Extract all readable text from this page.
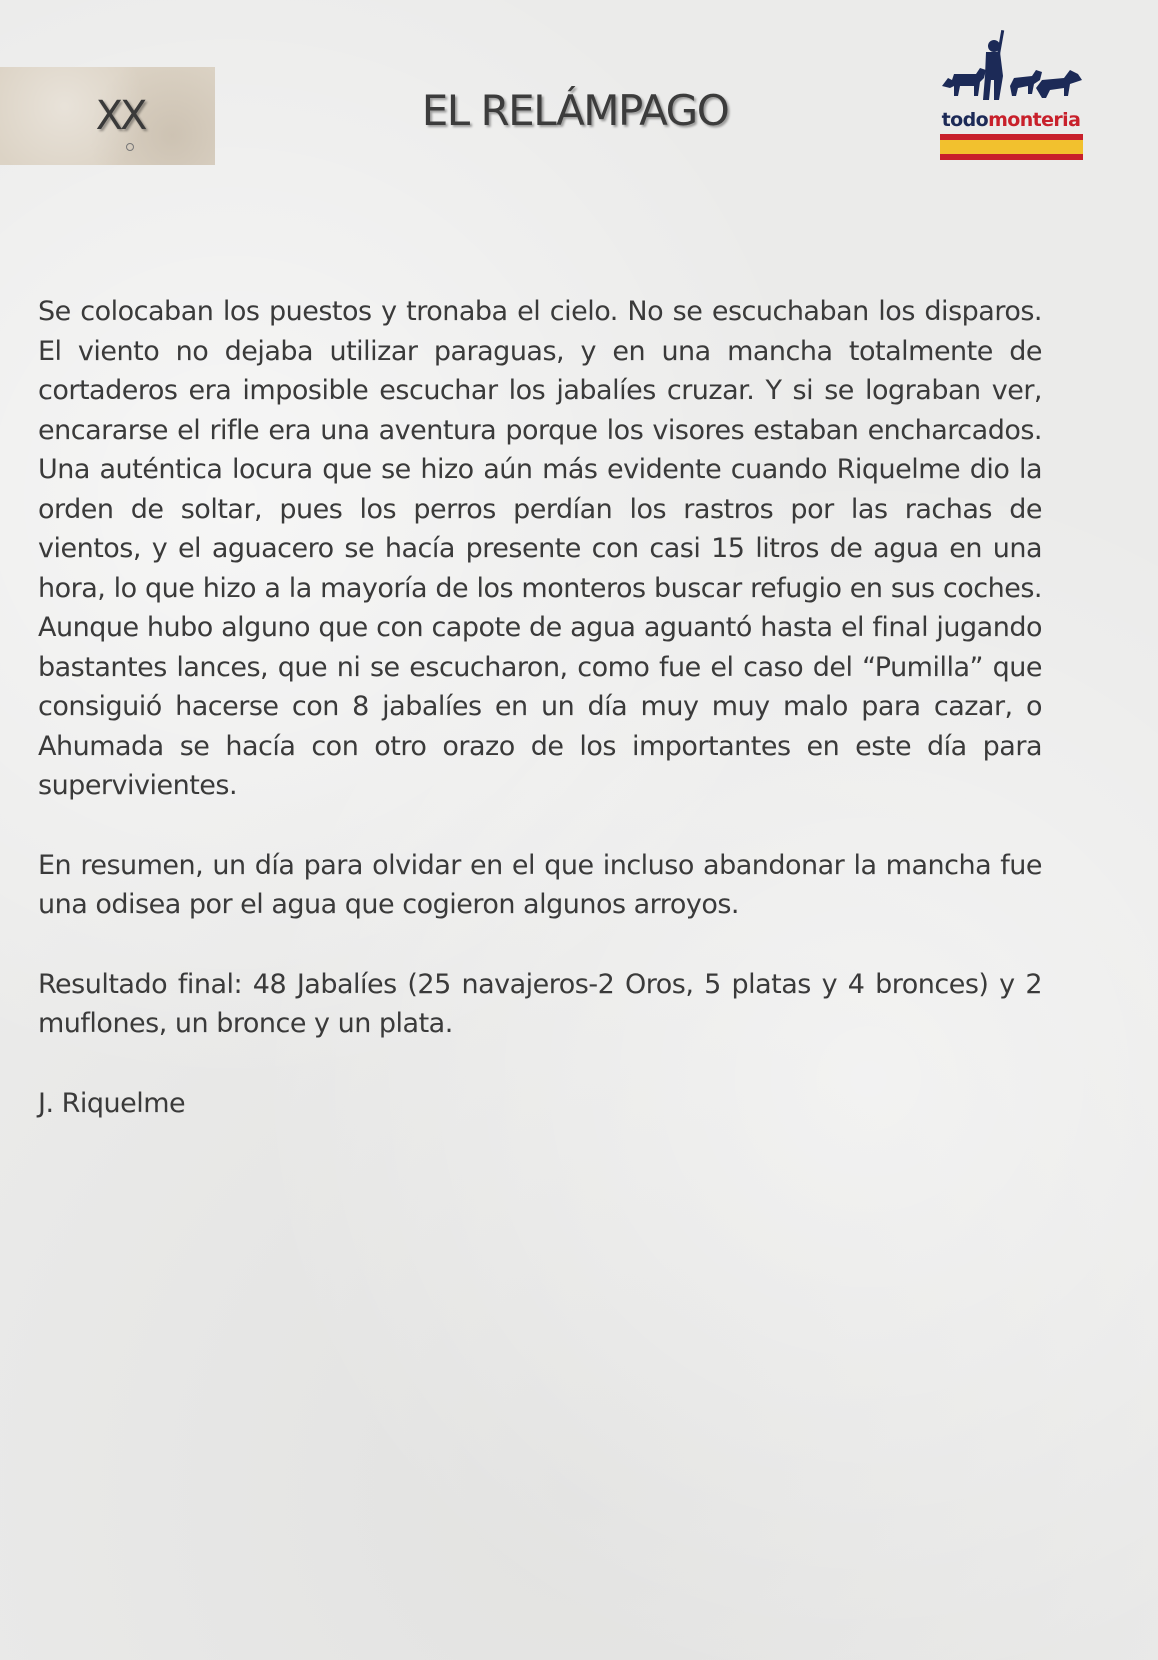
XX	EL RELÁMPAGO	todomonteria

Se colocaban los puestos y tronaba el cielo. No se escuchaban los disparos. El viento no dejaba utilizar paraguas, y en una mancha totalmente de cortaderos era imposible escuchar los jabalíes cruzar. Y si se lograban ver, encararse el rifle era una aventura porque los visores estaban encharcados. Una auténtica locura que se hizo aún más evidente cuando Riquelme dio la orden de soltar, pues los perros perdían los rastros por las rachas de vientos, y el aguacero se hacía presente con casi 15 litros de agua en una hora, lo que hizo a la mayoría de los monteros buscar refugio en sus coches. Aunque hubo alguno que con capote de agua aguantó hasta el final jugando bastantes lances, que ni se escucharon, como fue el caso del “Pumilla” que consiguió hacerse con 8 jabalíes en un día muy muy malo para cazar, o Ahumada se hacía con otro orazo de los importantes en este día para supervivientes.

En resumen, un día para olvidar en el que incluso abandonar la mancha fue una odisea por el agua que cogieron algunos arroyos.

Resultado final: 48 Jabalíes (25 navajeros-2 Oros, 5 platas y 4 bronces) y 2 muflones, un bronce y un plata.

J. Riquelme
